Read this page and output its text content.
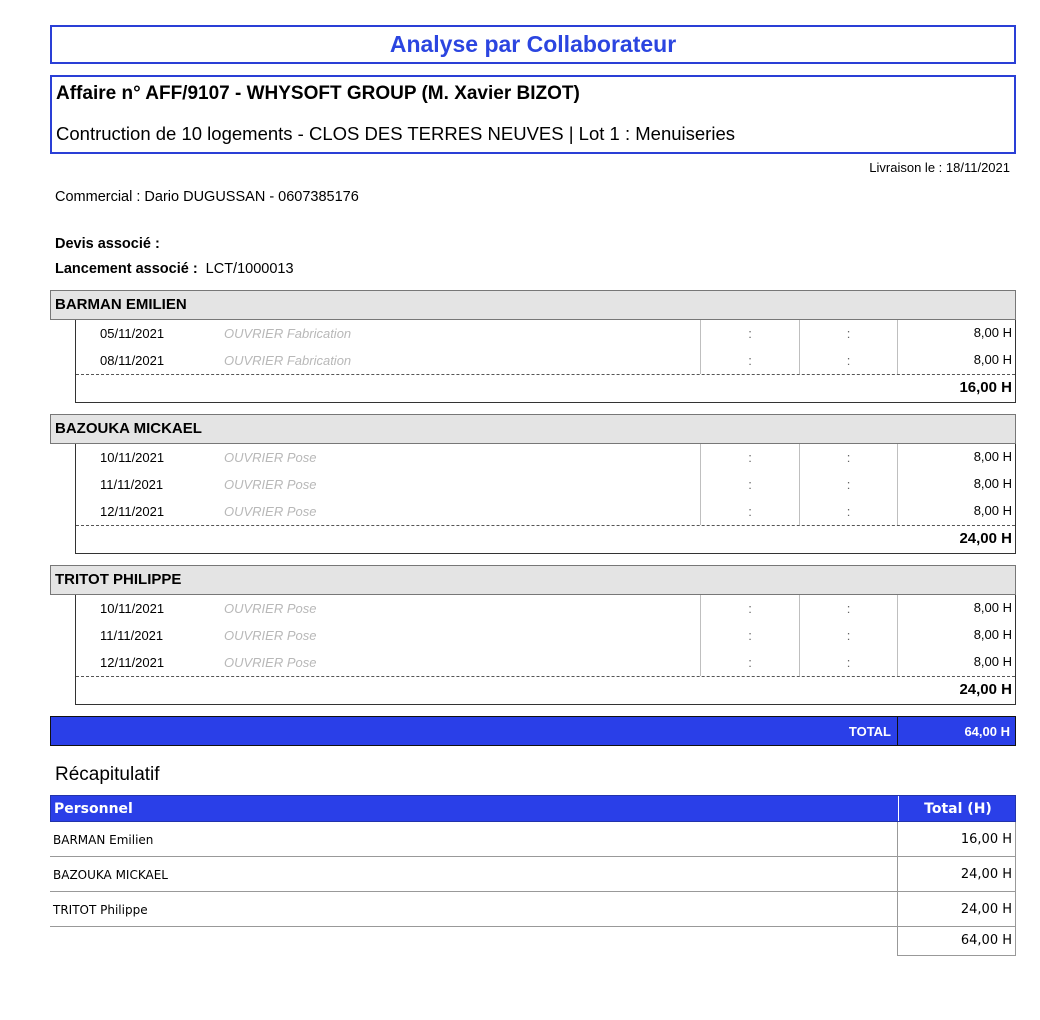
Analyse par Collaborateur
Affaire n° AFF/9107 - WHYSOFT GROUP (M. Xavier BIZOT)
Contruction de 10 logements - CLOS DES TERRES NEUVES | Lot 1 : Menuiseries
Livraison le : 18/11/2021
Commercial : Dario DUGUSSAN - 0607385176
Devis associé :
Lancement associé : LCT/1000013
BARMAN EMILIEN
05/11/2021	OUVRIER Fabrication	:	:	8,00 H
08/11/2021	OUVRIER Fabrication	:	:	8,00 H
16,00 H
BAZOUKA MICKAEL
10/11/2021	OUVRIER Pose	:	:	8,00 H
11/11/2021	OUVRIER Pose	:	:	8,00 H
12/11/2021	OUVRIER Pose	:	:	8,00 H
24,00 H
TRITOT PHILIPPE
10/11/2021	OUVRIER Pose	:	:	8,00 H
11/11/2021	OUVRIER Pose	:	:	8,00 H
12/11/2021	OUVRIER Pose	:	:	8,00 H
24,00 H
TOTAL	64,00 H
Récapitulatif
Personnel	Total (H)
BARMAN Emilien	16,00 H
BAZOUKA MICKAEL	24,00 H
TRITOT Philippe	24,00 H
64,00 H
